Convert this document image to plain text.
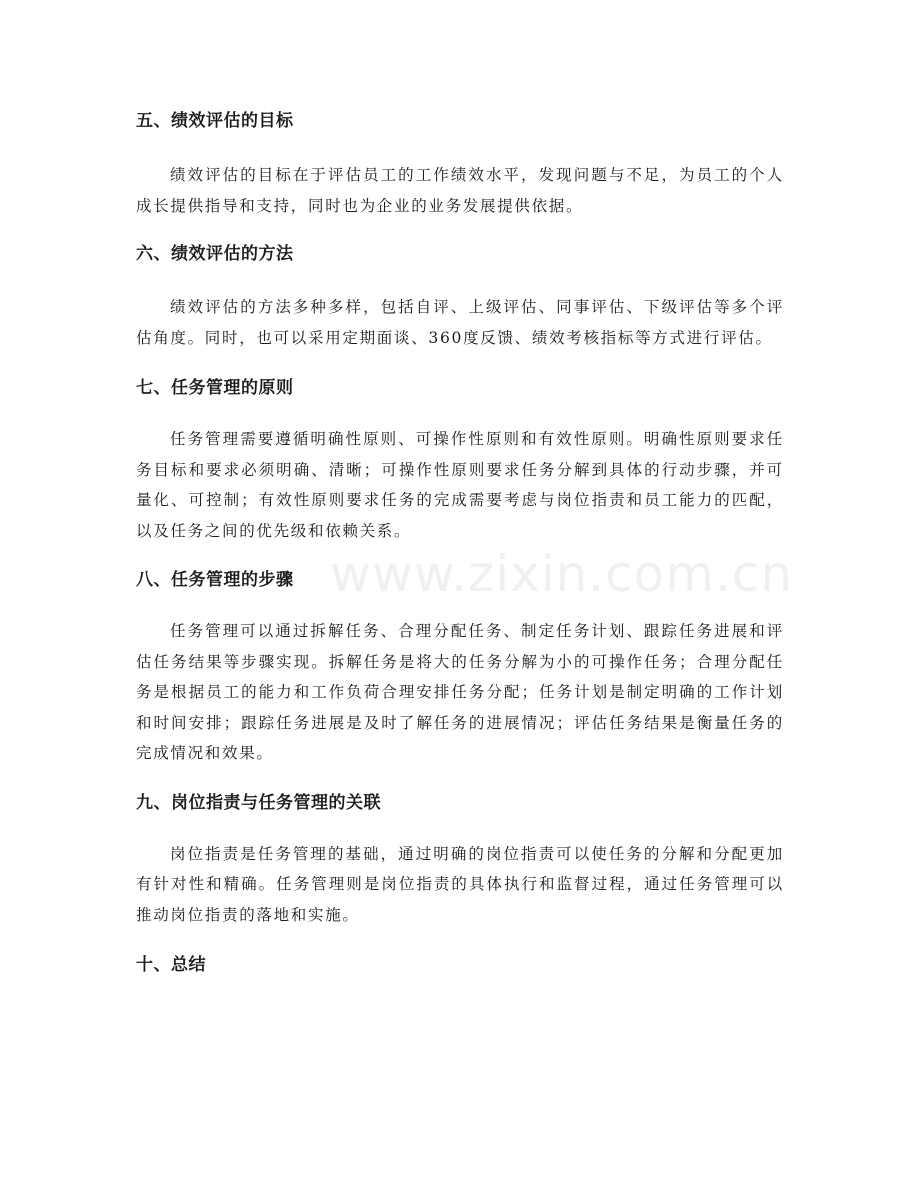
五、绩效评估的目标

绩效评估的目标在于评估员工的工作绩效水平，发现问题与不足，为员工的个人成长提供指导和支持，同时也为企业的业务发展提供依据。

六、绩效评估的方法

绩效评估的方法多种多样，包括自评、上级评估、同事评估、下级评估等多个评估角度。同时，也可以采用定期面谈、360度反馈、绩效考核指标等方式进行评估。

七、任务管理的原则

任务管理需要遵循明确性原则、可操作性原则和有效性原则。明确性原则要求任务目标和要求必须明确、清晰；可操作性原则要求任务分解到具体的行动步骤，并可量化、可控制；有效性原则要求任务的完成需要考虑与岗位指责和员工能力的匹配，以及任务之间的优先级和依赖关系。

八、任务管理的步骤

任务管理可以通过拆解任务、合理分配任务、制定任务计划、跟踪任务进展和评估任务结果等步骤实现。拆解任务是将大的任务分解为小的可操作任务；合理分配任务是根据员工的能力和工作负荷合理安排任务分配；任务计划是制定明确的工作计划和时间安排；跟踪任务进展是及时了解任务的进展情况；评估任务结果是衡量任务的完成情况和效果。

九、岗位指责与任务管理的关联

岗位指责是任务管理的基础，通过明确的岗位指责可以使任务的分解和分配更加有针对性和精确。任务管理则是岗位指责的具体执行和监督过程，通过任务管理可以推动岗位指责的落地和实施。

十、总结
www.zixin.com.cn
